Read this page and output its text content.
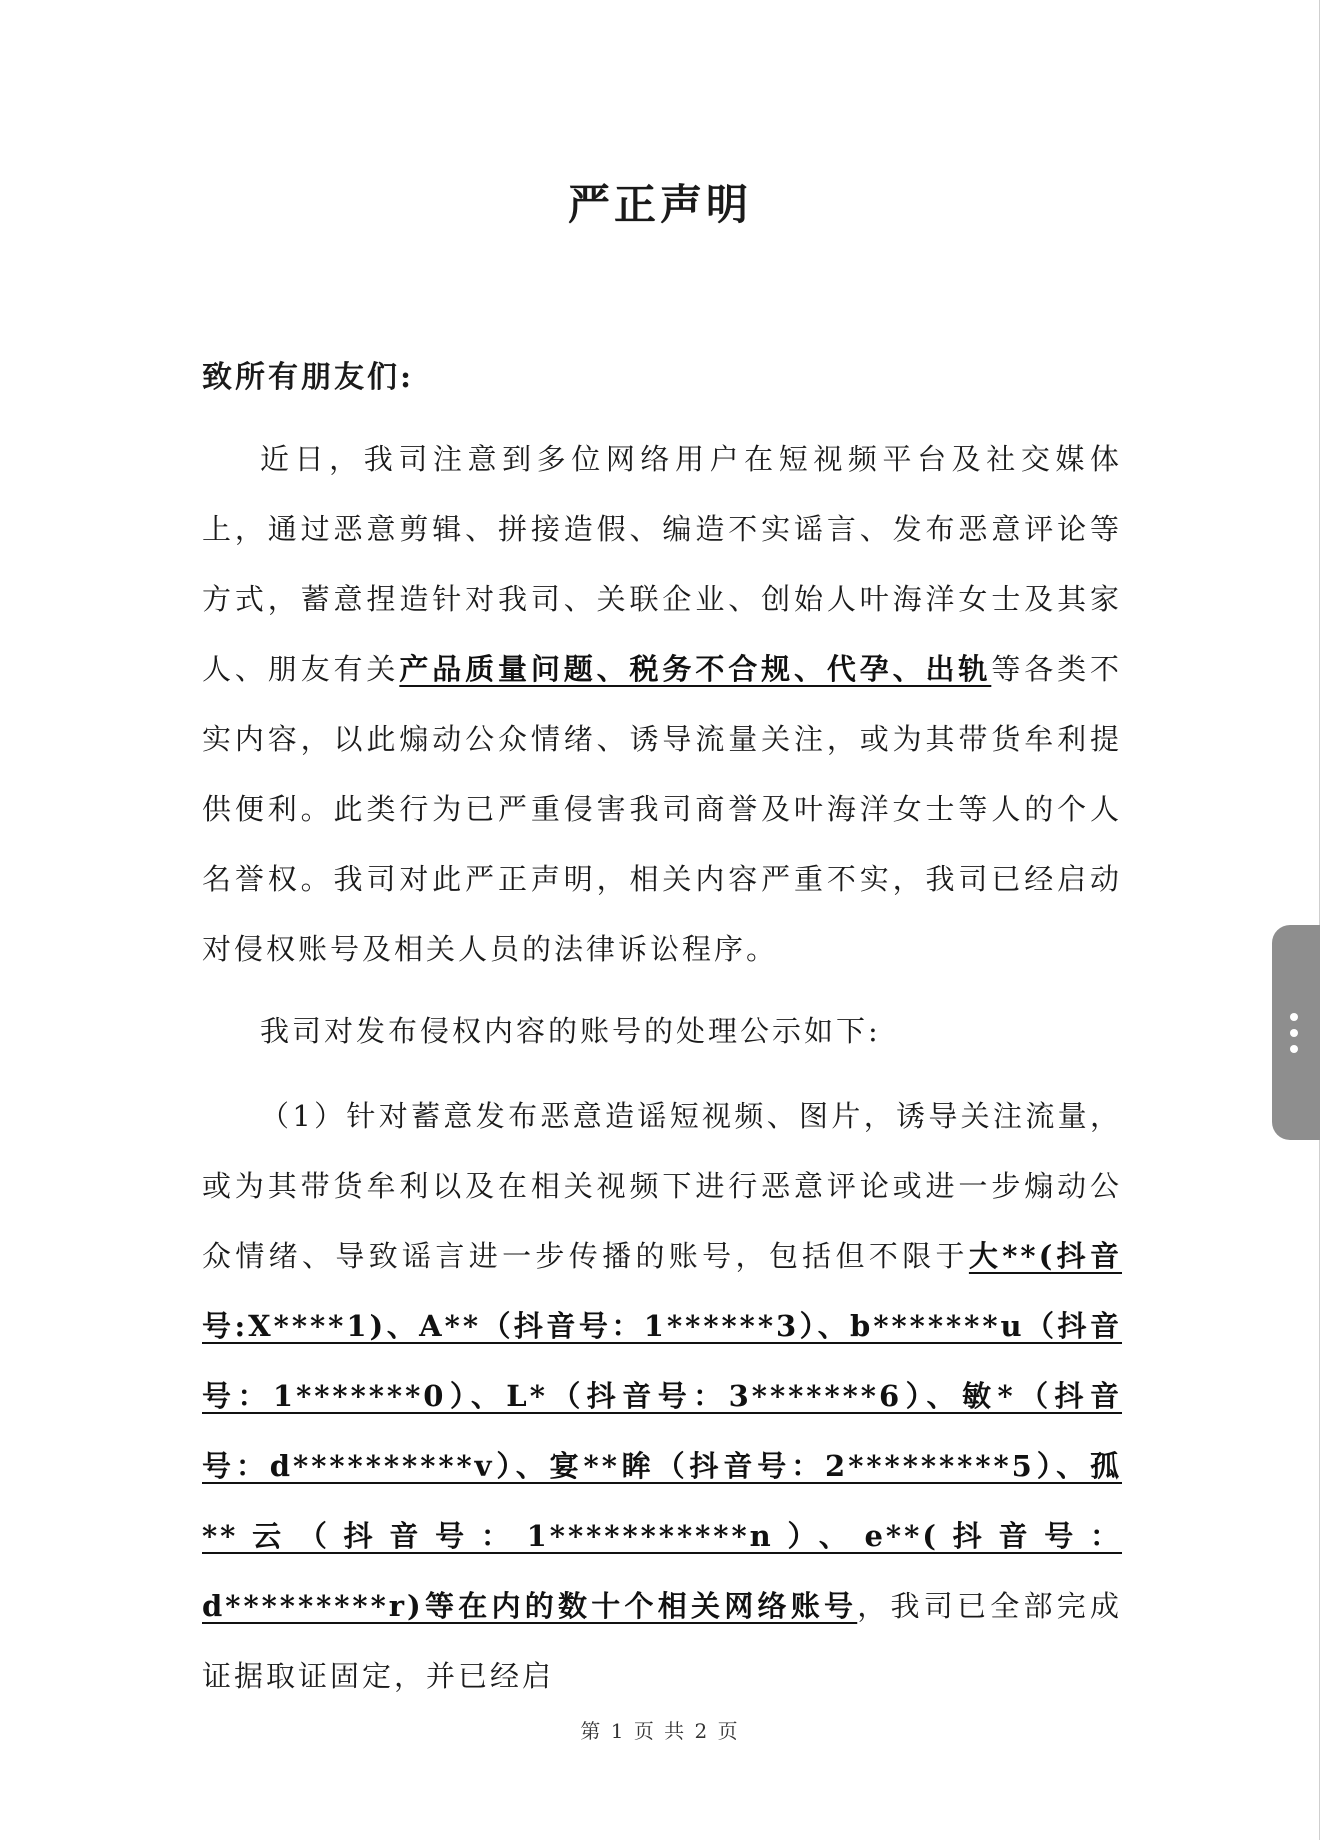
严正声明
致所有朋友们:

近日，我司注意到多位网络用户在短视频平台及社交媒体上，通过恶意剪辑、拼接造假、编造不实谣言、发布恶意评论等方式，蓄意捏造针对我司、关联企业、创始人叶海洋女士及其家人、朋友有关产品质量问题、税务不合规、代孕、出轨等各类不实内容，以此煽动公众情绪、诱导流量关注，或为其带货牟利提供便利。此类行为已严重侵害我司商誉及叶海洋女士等人的个人名誉权。我司对此严正声明，相关内容严重不实，我司已经启动对侵权账号及相关人员的法律诉讼程序。

我司对发布侵权内容的账号的处理公示如下:

（1）针对蓄意发布恶意造谣短视频、图片，诱导关注流量，或为其带货牟利以及在相关视频下进行恶意评论或进一步煽动公众情绪、导致谣言进一步传播的账号，包括但不限于大**(抖音号:X****1)、A**（抖音号：1******3）、b*******u（抖音号：1*******0）、L*（抖音号：3*******6）、敏*（抖音号：d**********v）、宴**眸（抖音号：2*********5）、孤**云（抖音号：1***********n）、e**(抖音号：d*********r)等在内的数十个相关网络账号，我司已全部完成证据取证固定，并已经启

第 1 页 共 2 页
